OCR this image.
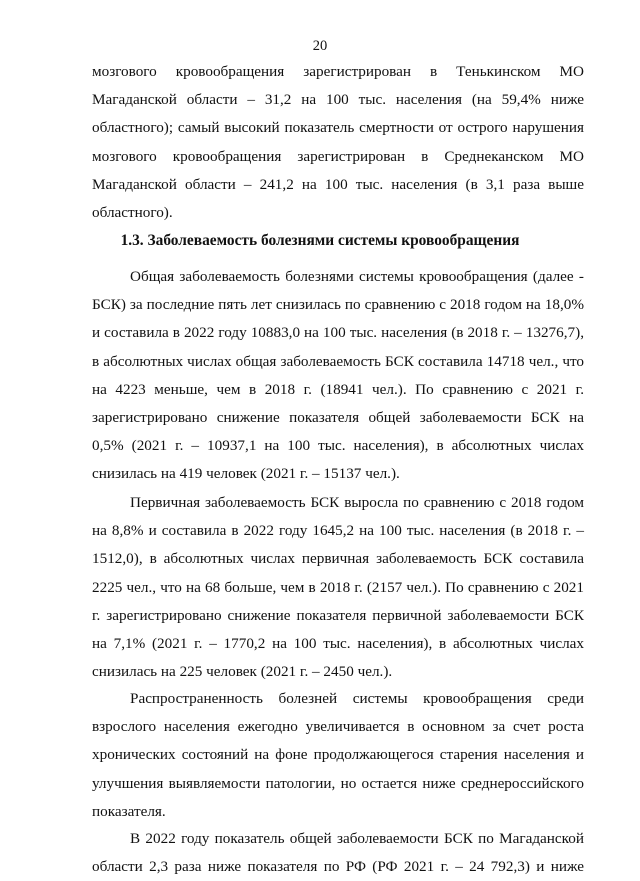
20
мозгового кровообращения зарегистрирован в Тенькинском МО
Магаданской области – 31,2 на 100 тыс. населения (на 59,4% ниже
областного); самый высокий показатель смертности от острого нарушения
мозгового кровообращения зарегистрирован в Среднеканском МО
Магаданской области – 241,2 на 100 тыс. населения (в 3,1 раза выше
областного).
1.3. Заболеваемость болезнями системы кровообращения
Общая заболеваемость болезнями системы кровообращения (далее -
БСК) за последние пять лет снизилась по сравнению с 2018 годом на 18,0%
и составила в 2022 году 10883,0 на 100 тыс. населения (в 2018 г. – 13276,7),
в абсолютных числах общая заболеваемость БСК составила 14718 чел., что
на 4223 меньше, чем в 2018 г. (18941 чел.). По сравнению с 2021 г.
зарегистрировано снижение показателя общей заболеваемости БСК на
0,5% (2021 г. – 10937,1 на 100 тыс. населения), в абсолютных числах
снизилась на 419 человек (2021 г. – 15137 чел.).
Первичная заболеваемость БСК выросла по сравнению с 2018 годом
на 8,8% и составила в 2022 году 1645,2 на 100 тыс. населения (в 2018 г. –
1512,0), в абсолютных числах первичная заболеваемость БСК составила
2225 чел., что на 68 больше, чем в 2018 г. (2157 чел.). По сравнению с 2021
г. зарегистрировано снижение показателя первичной заболеваемости БСК
на 7,1% (2021 г. – 1770,2 на 100 тыс. населения), в абсолютных числах
снизилась на 225 человек (2021 г. – 2450 чел.).
Распространенность болезней системы кровообращения среди
взрослого населения ежегодно увеличивается в основном за счет роста
хронических состояний на фоне продолжающегося старения населения и
улучшения выявляемости патологии, но остается ниже среднероссийского
показателя.
В 2022 году показатель общей заболеваемости БСК по Магаданской
области 2,3 раза ниже показателя по РФ (РФ 2021 г. – 24 792,3) и ниже
